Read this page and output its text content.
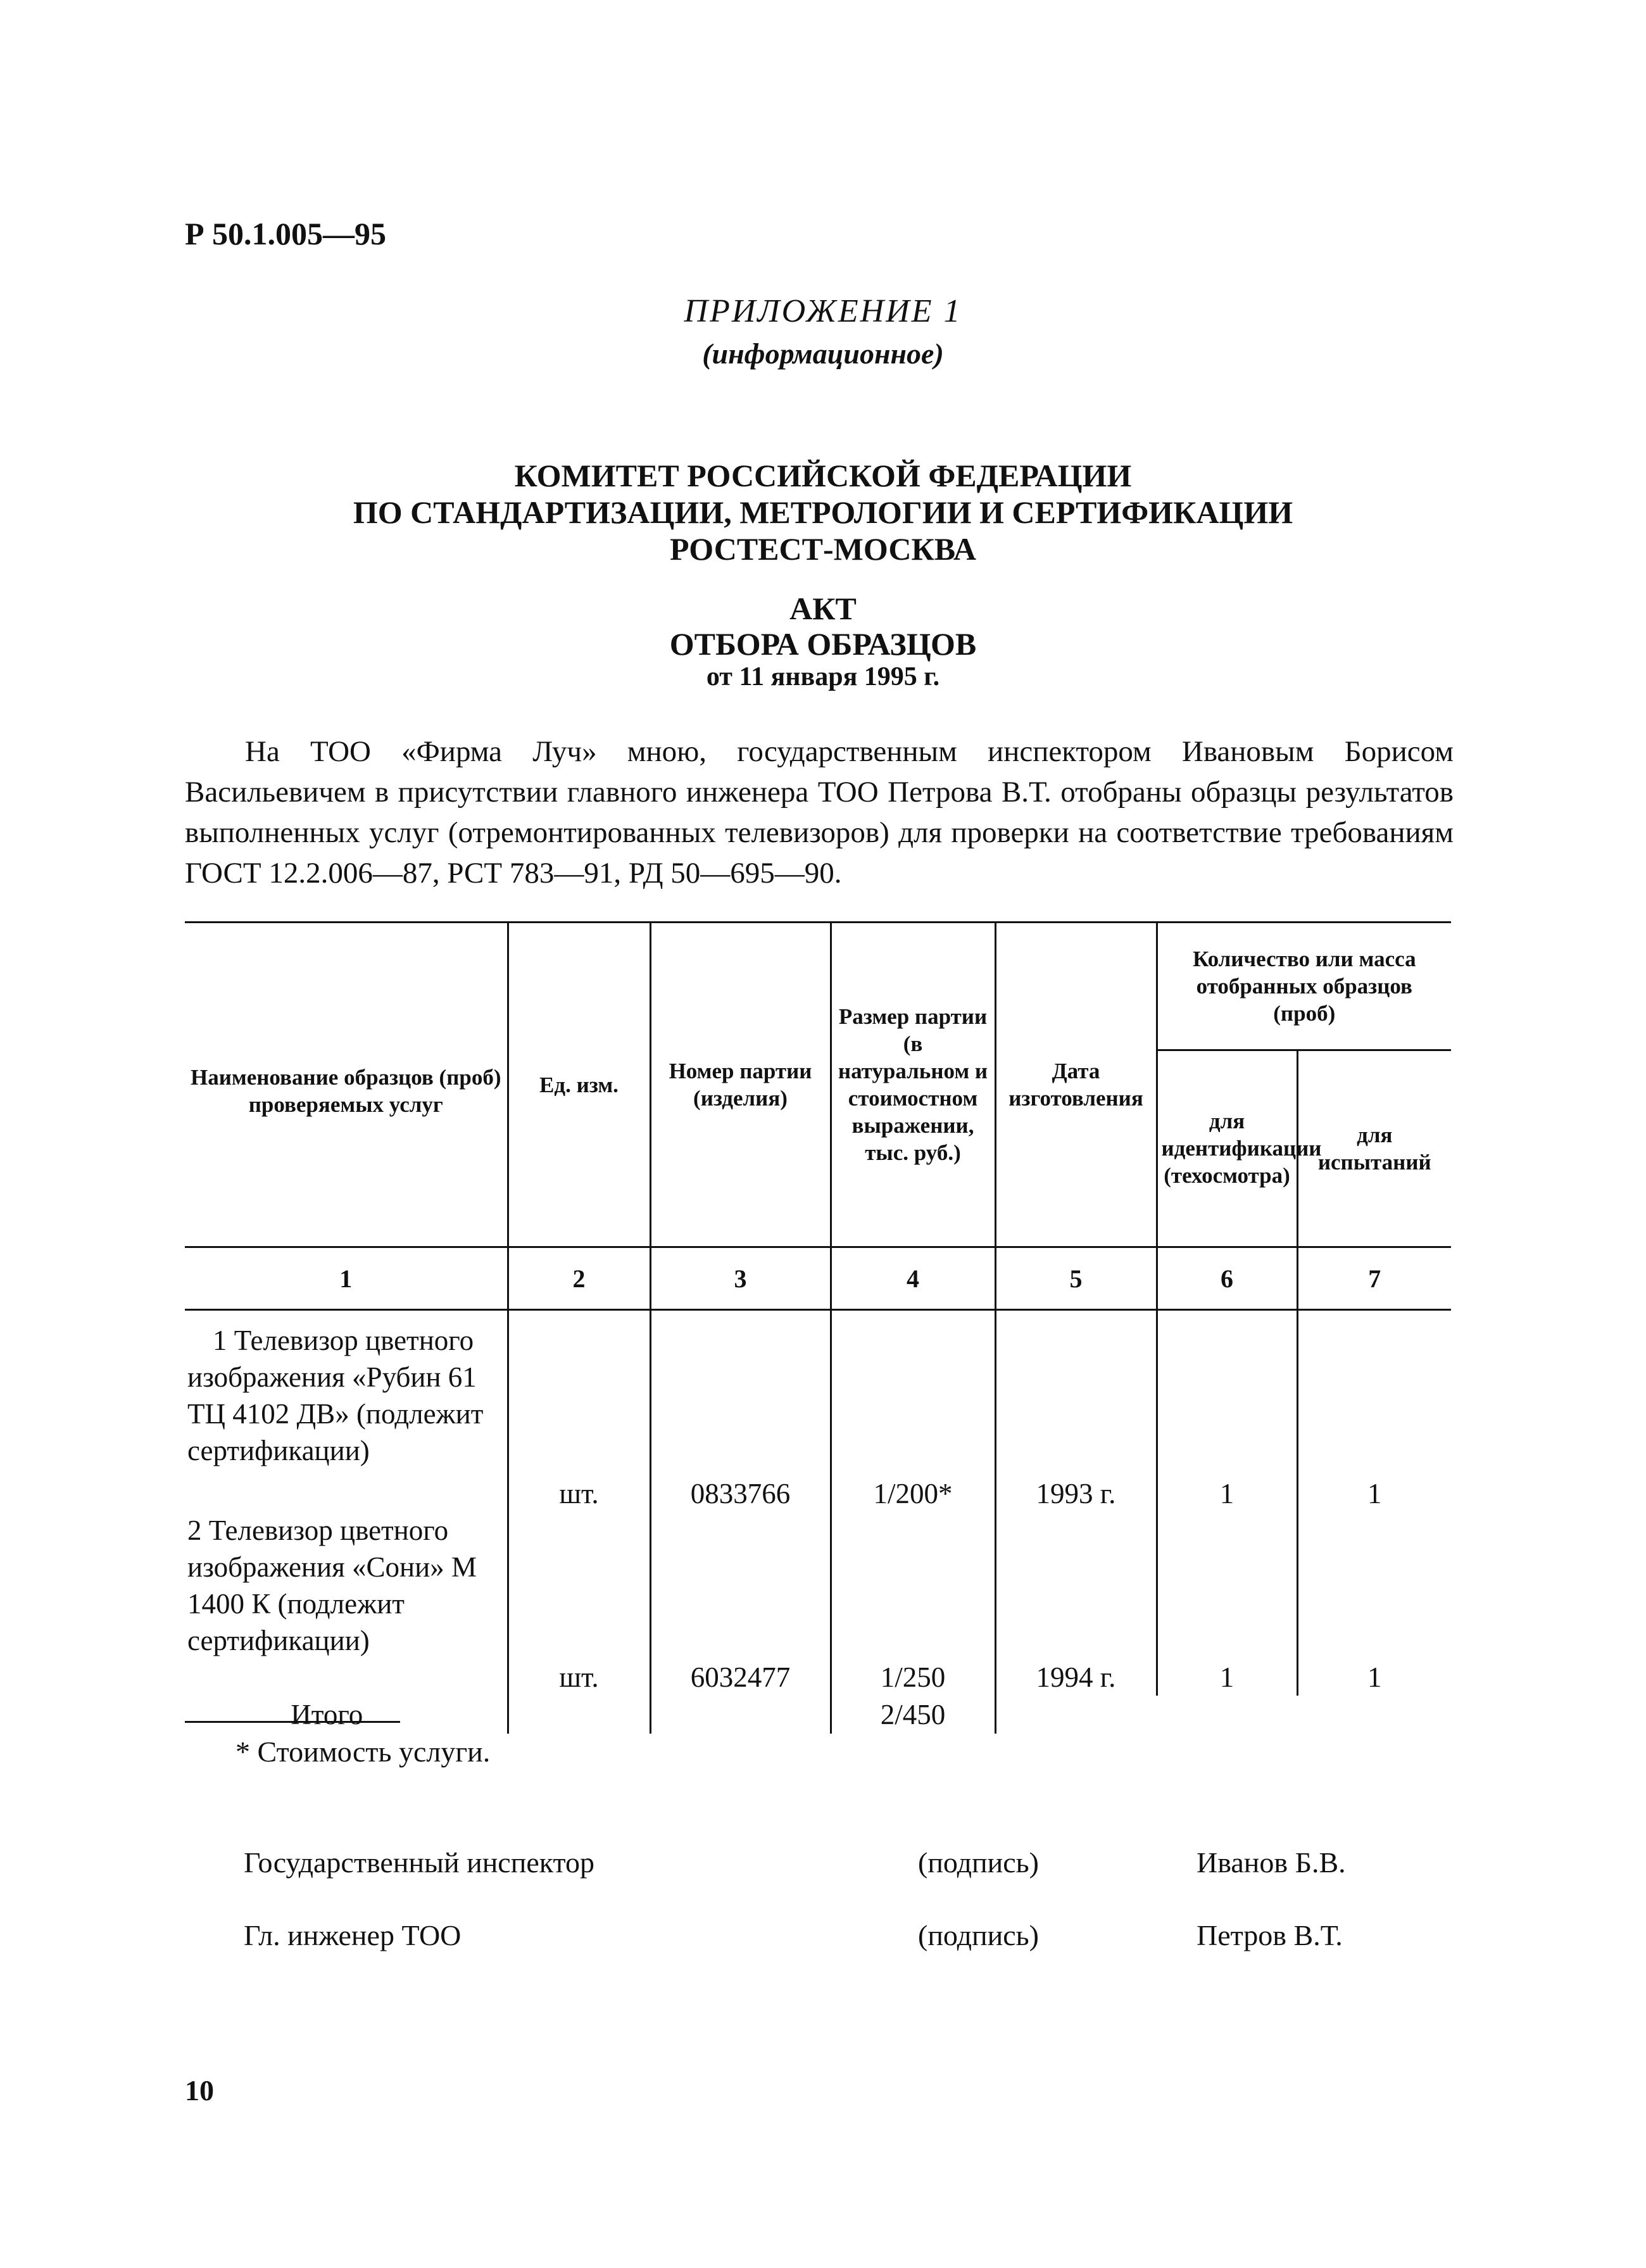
Р 50.1.005—95
ПРИЛОЖЕНИЕ 1
(информационное)
КОМИТЕТ РОССИЙСКОЙ ФЕДЕРАЦИИ
ПО СТАНДАРТИЗАЦИИ, МЕТРОЛОГИИ И СЕРТИФИКАЦИИ
РОСТЕСТ-МОСКВА
АКТ
ОТБОРА ОБРАЗЦОВ
от 11 января 1995 г.
На ТОО «Фирма Луч» мною, государственным инспектором Ивановым Борисом Васильевичем в присутствии главного инженера ТОО Петрова В.Т. отобраны образцы результатов выполненных услуг (отремонтированных телевизоров) для проверки на соответствие требованиям ГОСТ 12.2.006—87, РСТ 783—91, РД 50—695—90.
Наименование образцов (проб) проверяемых услуг	Ед. изм.	Номер партии (изделия)	Размер партии (в натуральном и стоимостном выражении, тыс. руб.)	Дата изготовления	Количество или масса отобранных образцов (проб)	
					для идентификации (техосмотра)	для испытаний
1	2	3	4	5	6	7

1 Телевизор цветного изображения «Рубин 61 ТЦ 4102 ДВ» (подлежит сертификации)	шт.	0833766	1/200*	1993 г.	1	1

2 Телевизор цветного изображения «Сони» М 1400 К (подлежит сертификации)	шт.	6032477	1/250	1994 г.	1	1
Итого			2/450			
* Стоимость услуги.
Государственный инспектор	(подпись)	Иванов Б.В.
Гл. инженер ТОО	(подпись)	Петров В.Т.
10
